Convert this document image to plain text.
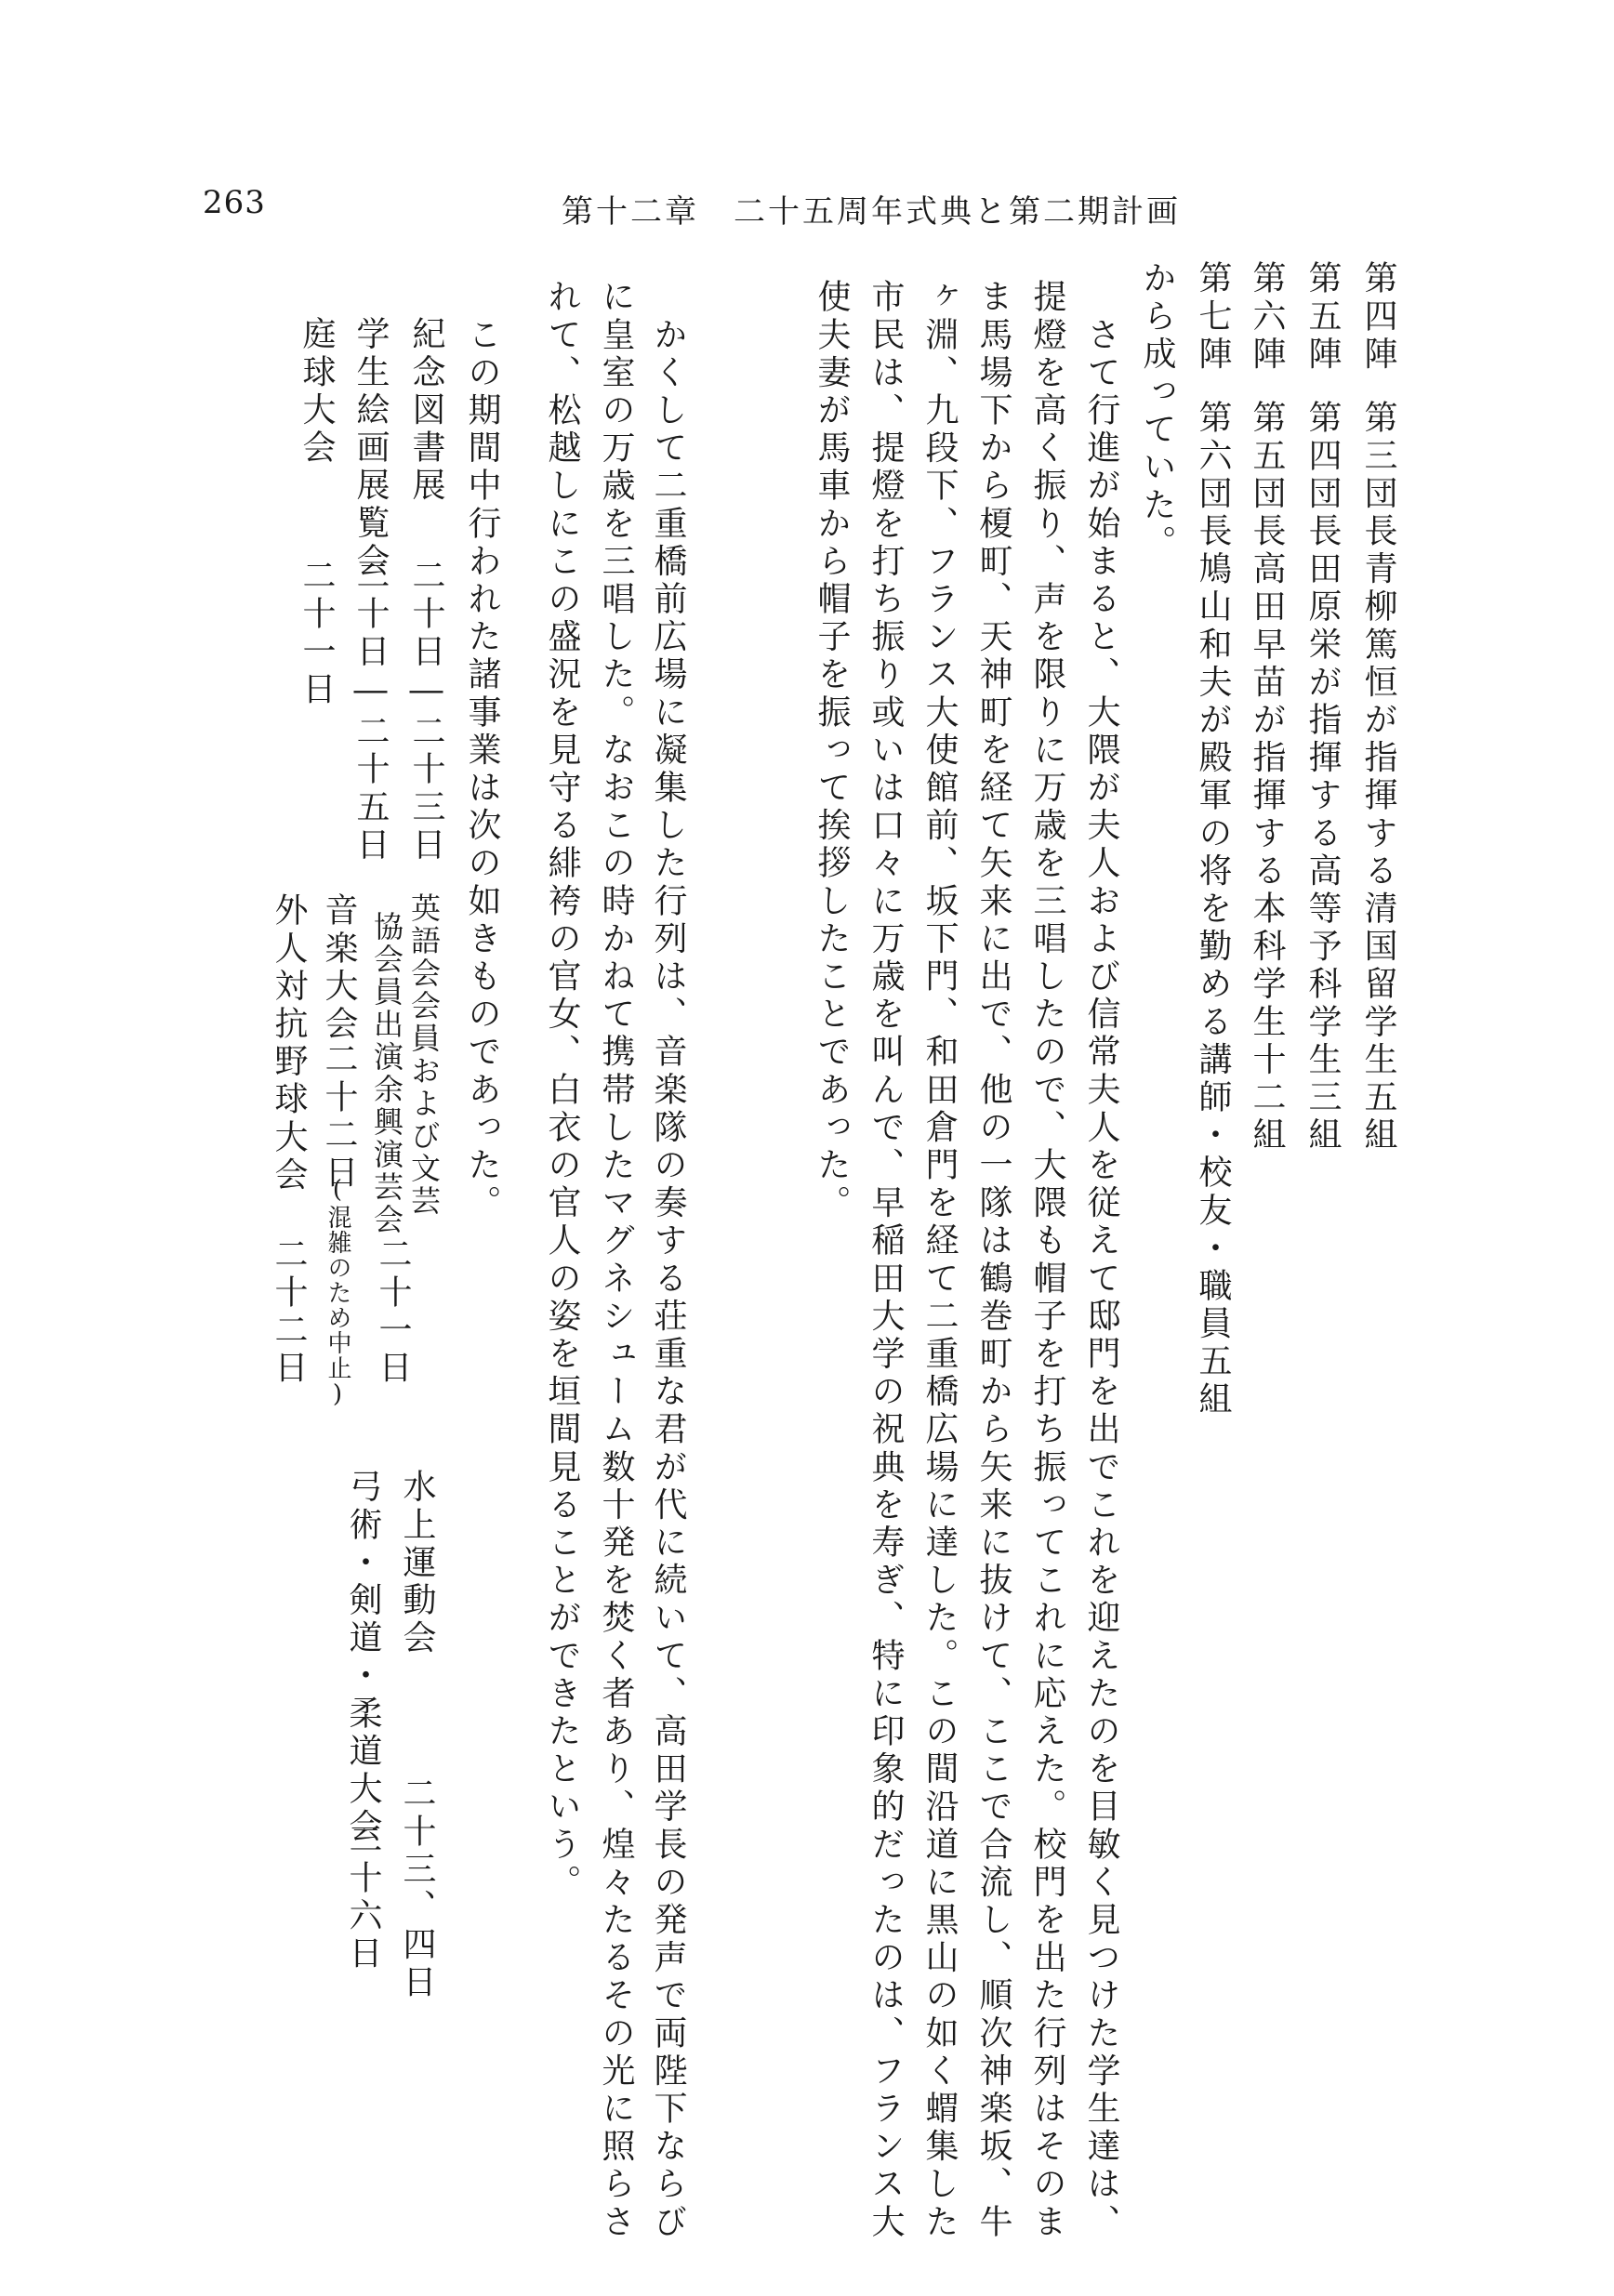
263	第十二章　二十五周年式典と第二期計画
第四陣
第三団長青柳篤恒が指揮する清国留学生五組
第五陣
第四団長田原栄が指揮する高等予科学生三組
第六陣
第五団長高田早苗が指揮する本科学生十二組
第七陣
第六団長鳩山和夫が殿軍の将を勤める講師・校友・職員五組
から成っていた。
　さて行進が始まると、大隈が夫人および信常夫人を従えて邸門を出でこれを迎えたのを目敏く見つけた学生達は、
提燈を高く振り、声を限りに万歳を三唱したので、大隈も帽子を打ち振ってこれに応えた。校門を出た行列はそのま
ま馬場下から榎町、天神町を経て矢来に出で、他の一隊は鶴巻町から矢来に抜けて、ここで合流し、順次神楽坂、牛
ヶ淵、九段下、フランス大使館前、坂下門、和田倉門を経て二重橋広場に達した。この間沿道に黒山の如く蝟集した
市民は、提燈を打ち振り或いは口々に万歳を叫んで、早稲田大学の祝典を寿ぎ、特に印象的だったのは、フランス大
使夫妻が馬車から帽子を振って挨拶したことであった。
　かくして二重橋前広場に凝集した行列は、音楽隊の奏する荘重な君が代に続いて、高田学長の発声で両陛下ならび
に皇室の万歳を三唱した。なおこの時かねて携帯したマグネシューム数十発を焚く者あり、煌々たるその光に照らさ
れて、松越しにこの盛況を見守る緋袴の官女、白衣の官人の姿を垣間見ることができたという。
　この期間中行われた諸事業は次の如きものであった。
紀念図書展
二十日―二十三日
学生絵画展覧会
二十日―二十五日
庭球大会
二十一日
英語会会員および文芸
協会員出演余興演芸会
二十一日
音楽大会
二十二日
(混雑のため中止)
外人対抗野球大会
二十二日
水上運動会
二十三、四日
弓術・剣道・柔道大会
二十六日
